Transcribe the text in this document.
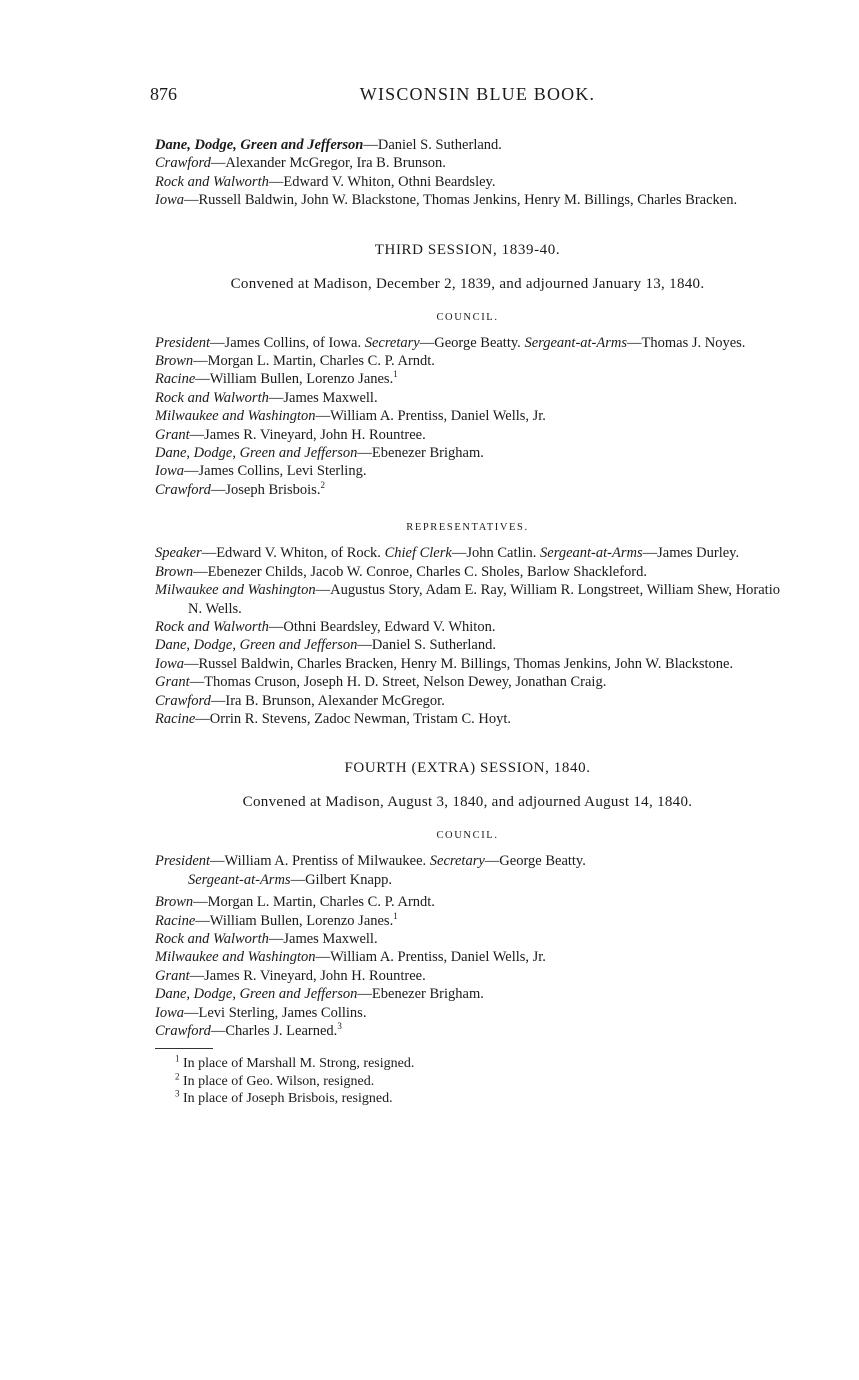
876	WISCONSIN BLUE BOOK.
Dane, Dodge, Green and Jefferson—Daniel S. Sutherland.
Crawford—Alexander McGregor, Ira B. Brunson.
Rock and Walworth—Edward V. Whiton, Othni Beardsley.
Iowa—Russell Baldwin, John W. Blackstone, Thomas Jenkins, Henry M. Billings, Charles Bracken.
THIRD SESSION, 1839-40.
Convened at Madison, December 2, 1839, and adjourned January 13, 1840.
COUNCIL.
President—James Collins, of Iowa. Secretary—George Beatty. Sergeant-at-Arms—Thomas J. Noyes.
Brown—Morgan L. Martin, Charles C. P. Arndt.
Racine—William Bullen, Lorenzo Janes.$^1$
Rock and Walworth—James Maxwell.
Milwaukee and Washington—William A. Prentiss, Daniel Wells, Jr.
Grant—James R. Vineyard, John H. Rountree.
Dane, Dodge, Green and Jefferson—Ebenezer Brigham.
Iowa—James Collins, Levi Sterling.
Crawford—Joseph Brisbois.$^2$
REPRESENTATIVES.
Speaker—Edward V. Whiton, of Rock. Chief Clerk—John Catlin. Sergeant-at-Arms—James Durley.
Brown—Ebenezer Childs, Jacob W. Conroe, Charles C. Sholes, Barlow Shackleford.
Milwaukee and Washington—Augustus Story, Adam E. Ray, William R. Longstreet, William Shew, Horatio N. Wells.
Rock and Walworth—Othni Beardsley, Edward V. Whiton.
Dane, Dodge, Green and Jefferson—Daniel S. Sutherland.
Iowa—Russel Baldwin, Charles Bracken, Henry M. Billings, Thomas Jenkins, John W. Blackstone.
Grant—Thomas Cruson, Joseph H. D. Street, Nelson Dewey, Jonathan Craig.
Crawford—Ira B. Brunson, Alexander McGregor.
Racine—Orrin R. Stevens, Zadoc Newman, Tristam C. Hoyt.
FOURTH (EXTRA) SESSION, 1840.
Convened at Madison, August 3, 1840, and adjourned August 14, 1840.
COUNCIL.
President—William A. Prentiss of Milwaukee. Secretary—George Beatty.
Sergeant-at-Arms—Gilbert Knapp.
Brown—Morgan L. Martin, Charles C. P. Arndt.
Racine—William Bullen, Lorenzo Janes.$^1$
Rock and Walworth—James Maxwell.
Milwaukee and Washington—William A. Prentiss, Daniel Wells, Jr.
Grant—James R. Vineyard, John H. Rountree.
Dane, Dodge, Green and Jefferson—Ebenezer Brigham.
Iowa—Levi Sterling, James Collins.
Crawford—Charles J. Learned.$^3$
$^1$ In place of Marshall M. Strong, resigned.
$^2$ In place of Geo. Wilson, resigned.
$^3$ In place of Joseph Brisbois, resigned.
